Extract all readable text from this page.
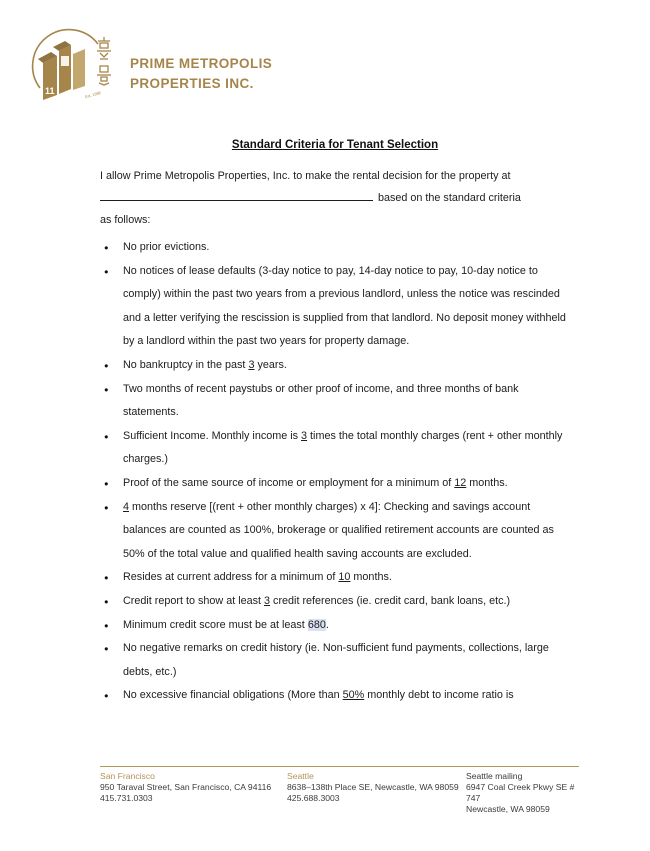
11	Est. 1988
PRIME METROPOLIS
PROPERTIES INC.
Standard Criteria for Tenant Selection
I allow Prime Metropolis Properties, Inc. to make the rental decision for the property at
based on the standard criteria
as follows:
● No prior evictions.
● No notices of lease defaults (3-day notice to pay, 14-day notice to pay, 10-day notice to comply) within the past two years from a previous landlord, unless the notice was rescinded and a letter verifying the rescission is supplied from that landlord. No deposit money withheld by a landlord within the past two years for property damage.
● No bankruptcy in the past 3 years.
● Two months of recent paystubs or other proof of income, and three months of bank statements.
● Sufficient Income. Monthly income is 3 times the total monthly charges (rent + other monthly charges.)
● Proof of the same source of income or employment for a minimum of 12 months.
● 4 months reserve [(rent + other monthly charges) x 4]: Checking and savings account balances are counted as 100%, brokerage or qualified retirement accounts are counted as 50% of the total value and qualified health saving accounts are excluded.
● Resides at current address for a minimum of 10 months.
● Credit report to show at least 3 credit references (ie. credit card, bank loans, etc.)
● Minimum credit score must be at least 680.
● No negative remarks on credit history (ie. Non-sufficient fund payments, collections, large debts, etc.)
● No excessive financial obligations (More than 50% monthly debt to income ratio is
San Francisco
950 Taraval Street, San Francisco, CA 94116
415.731.0303
Seattle
8638–138th Place SE, Newcastle, WA 98059
425.688.3003
Seattle mailing
6947 Coal Creek Pkwy SE # 747
Newcastle, WA 98059
